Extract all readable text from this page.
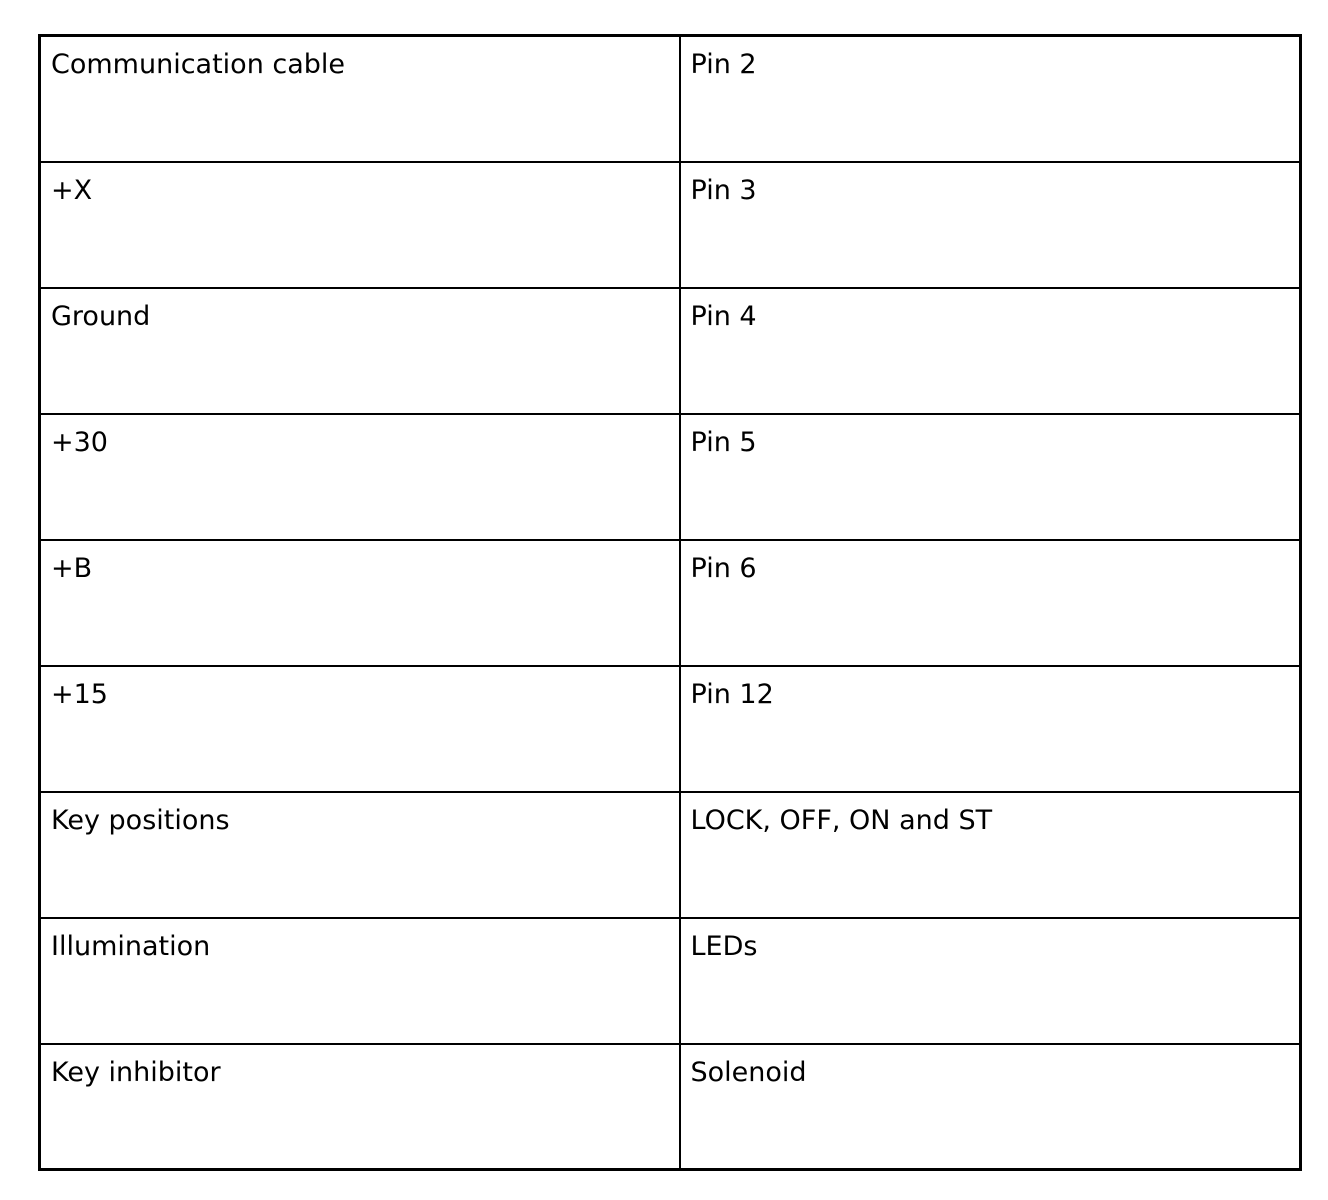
Communication cable	Pin 2
+X	Pin 3
Ground	Pin 4
+30	Pin 5
+B	Pin 6
+15	Pin 12
Key positions	LOCK, OFF, ON and ST
Illumination	LEDs
Key inhibitor	Solenoid
